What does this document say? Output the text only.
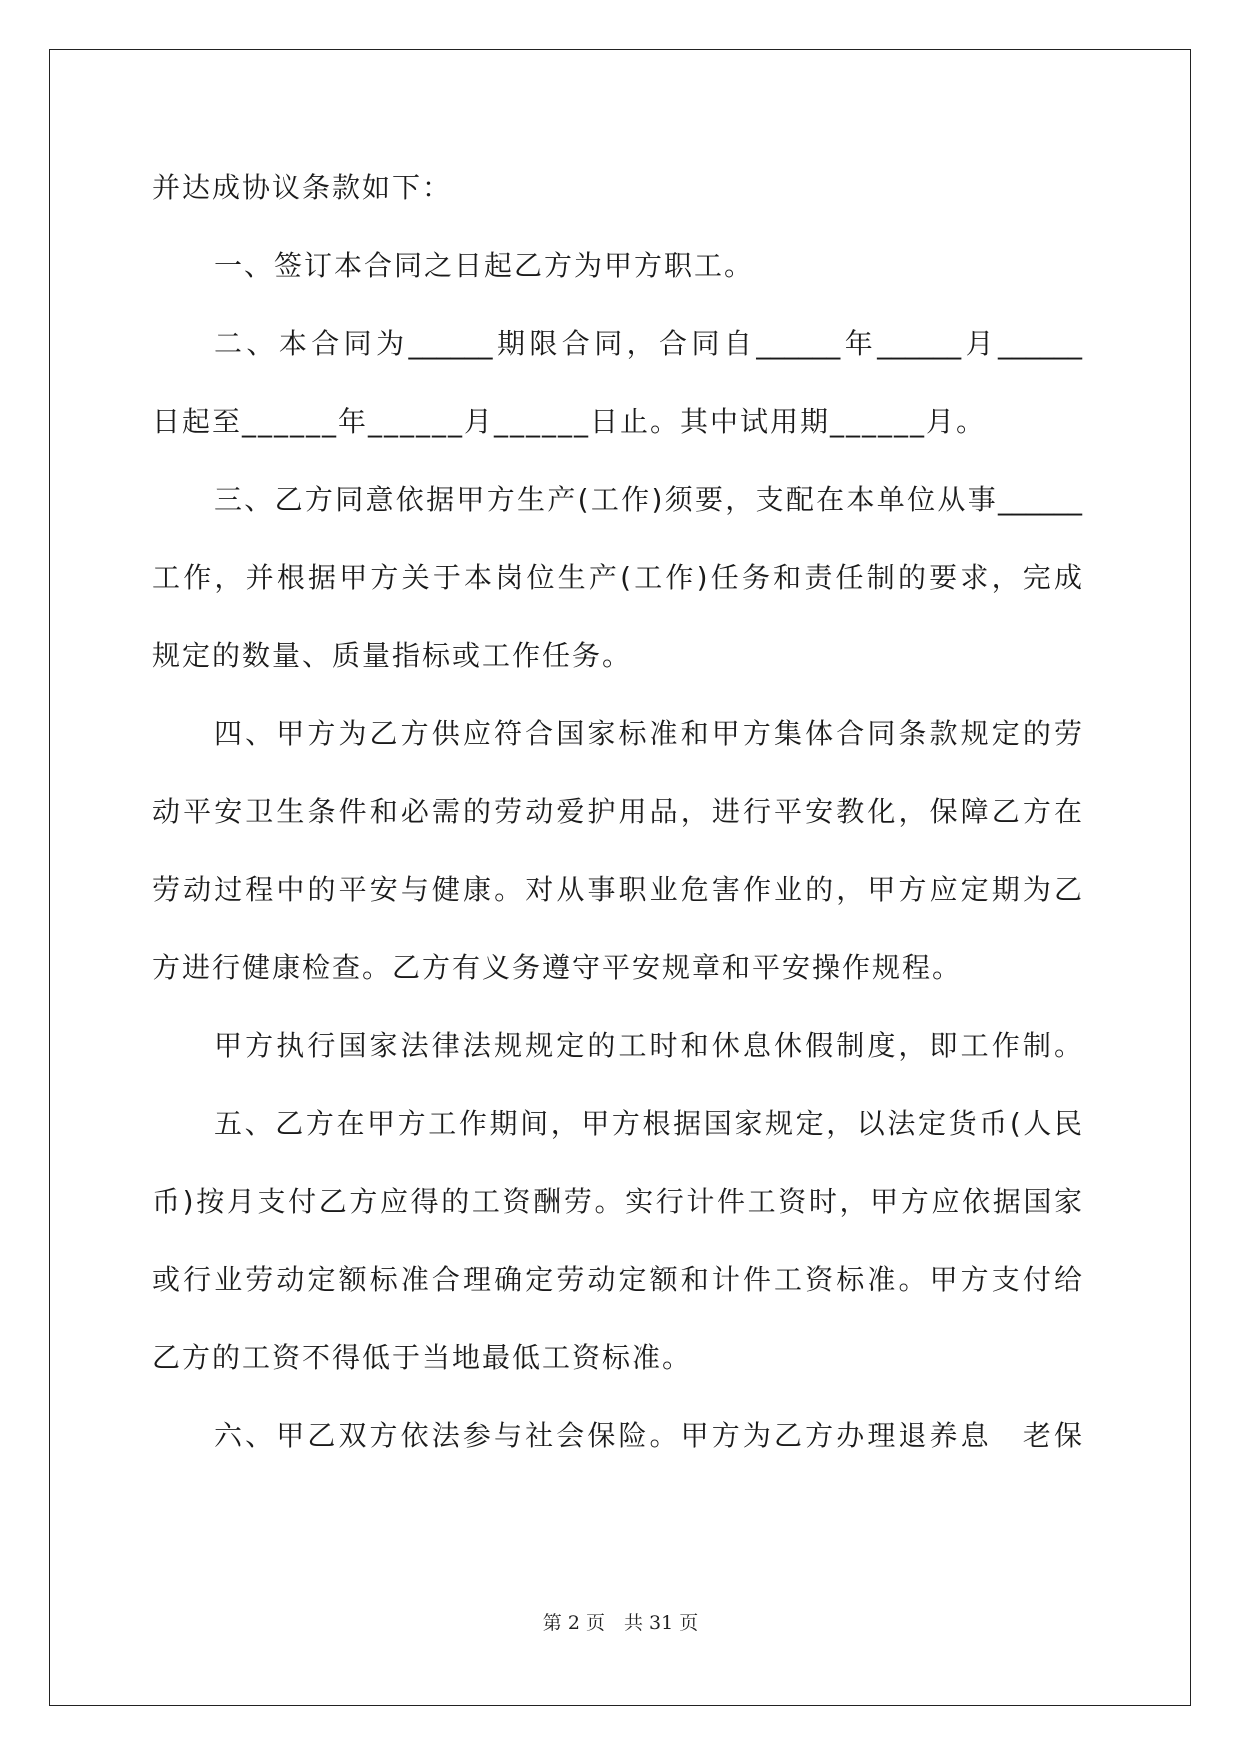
并达成协议条款如下：
一、签订本合同之日起乙方为甲方职工。
二、本合同为______期限合同，合同自______年______月______
日起至______年______月______日止。其中试用期______月。
三、乙方同意依据甲方生产(工作)须要，支配在本单位从事______
工作，并根据甲方关于本岗位生产(工作)任务和责任制的要求，完成
规定的数量、质量指标或工作任务。
四、甲方为乙方供应符合国家标准和甲方集体合同条款规定的劳
动平安卫生条件和必需的劳动爱护用品，进行平安教化，保障乙方在
劳动过程中的平安与健康。对从事职业危害作业的，甲方应定期为乙
方进行健康检查。乙方有义务遵守平安规章和平安操作规程。
甲方执行国家法律法规规定的工时和休息休假制度，即工作制。
五、乙方在甲方工作期间，甲方根据国家规定，以法定货币(人民
币)按月支付乙方应得的工资酬劳。实行计件工资时，甲方应依据国家
或行业劳动定额标准合理确定劳动定额和计件工资标准。甲方支付给
乙方的工资不得低于当地最低工资标准。
六、甲乙双方依法参与社会保险。甲方为乙方办理退养息　老保
第 2 页　共 31 页
